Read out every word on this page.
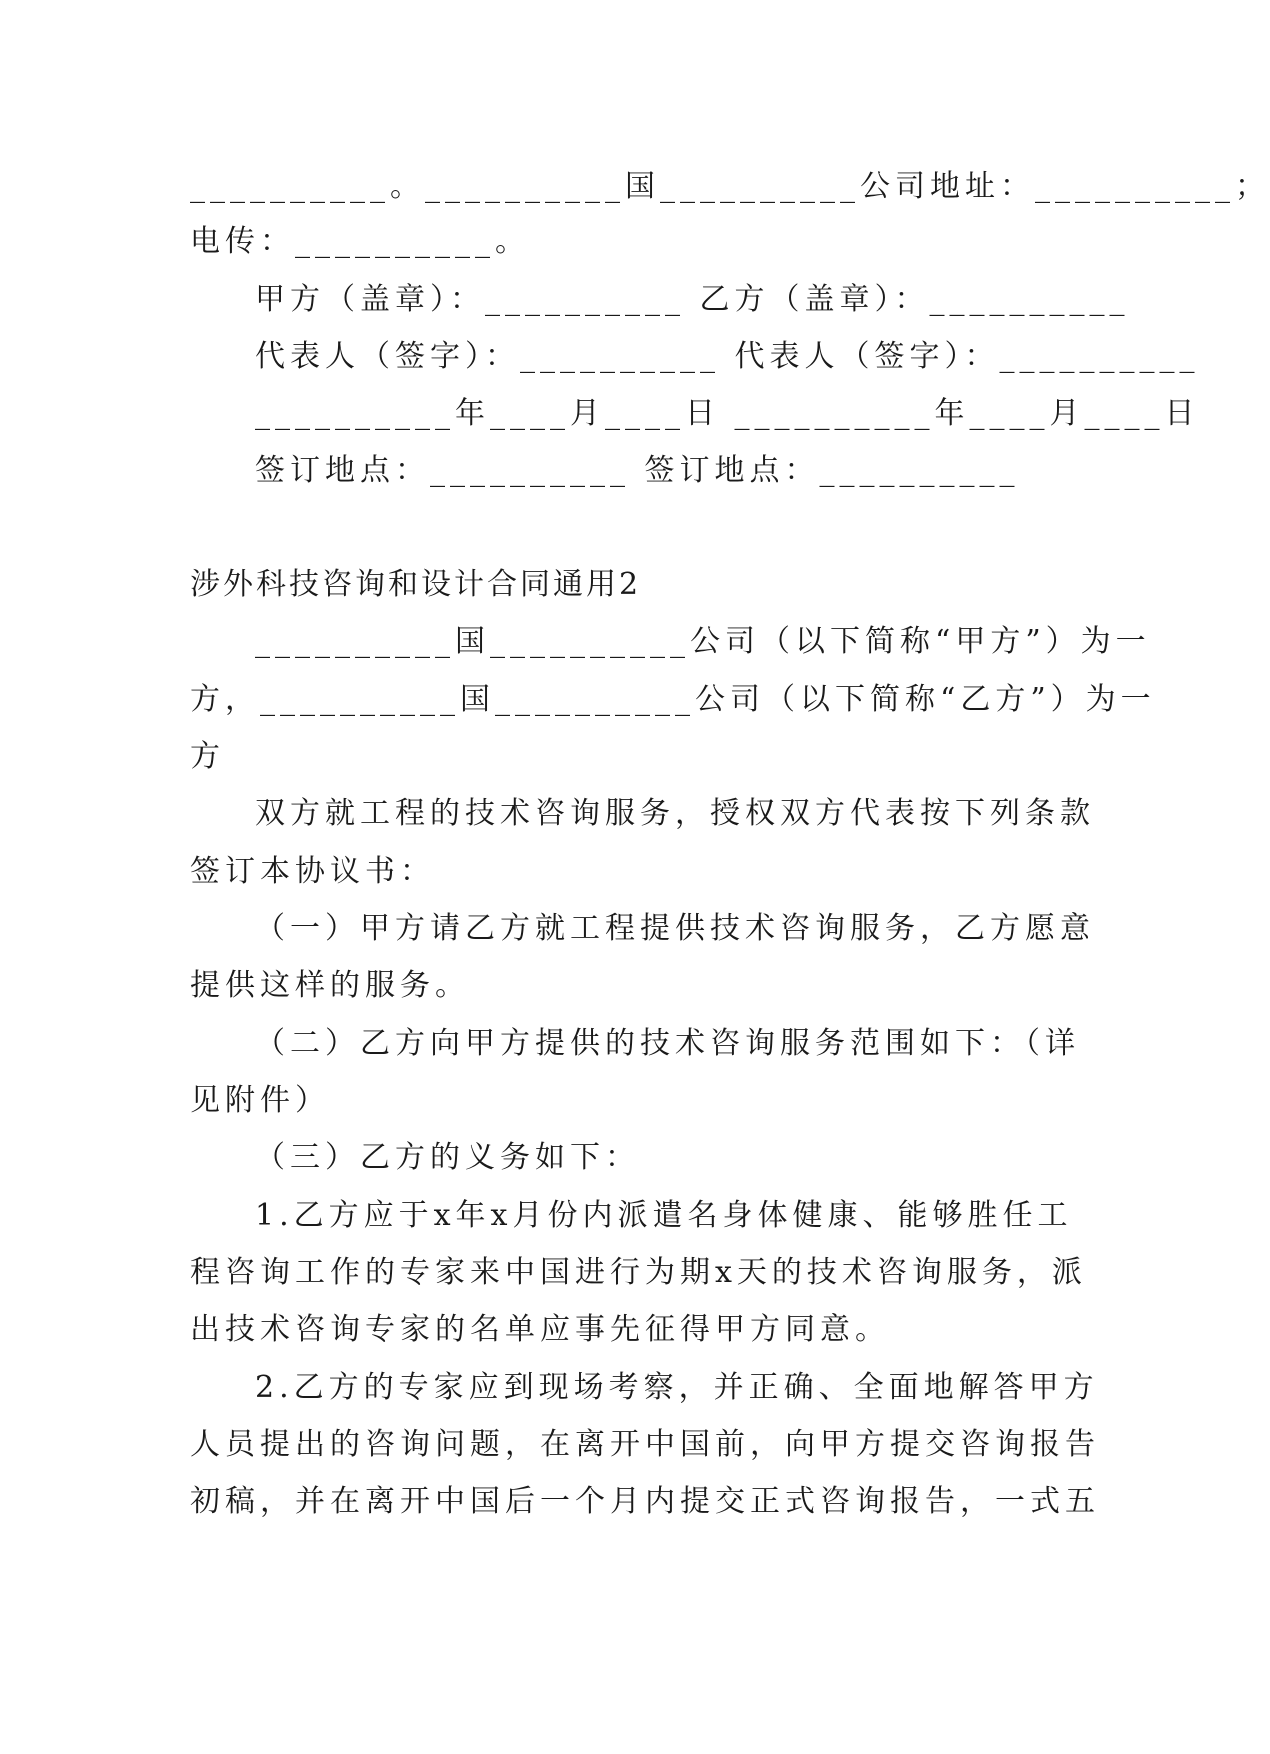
__________。__________国__________公司地址：__________；
电传：__________。
甲方（盖章）：__________ 乙方（盖章）：__________
代表人（签字）：__________ 代表人（签字）：__________
__________年____月____日 __________年____月____日
签订地点：__________ 签订地点：__________
涉外科技咨询和设计合同通用2
__________国__________公司（以下简称“甲方”）为一
方，__________国__________公司（以下简称“乙方”）为一
方
双方就工程的技术咨询服务，授权双方代表按下列条款
签订本协议书：
（一）甲方请乙方就工程提供技术咨询服务，乙方愿意
提供这样的服务。
（二）乙方向甲方提供的技术咨询服务范围如下：（详
见附件）
（三）乙方的义务如下：
1.乙方应于x年x月份内派遣名身体健康、能够胜任工
程咨询工作的专家来中国进行为期x天的技术咨询服务，派
出技术咨询专家的名单应事先征得甲方同意。
2.乙方的专家应到现场考察，并正确、全面地解答甲方
人员提出的咨询问题，在离开中国前，向甲方提交咨询报告
初稿，并在离开中国后一个月内提交正式咨询报告，一式五
